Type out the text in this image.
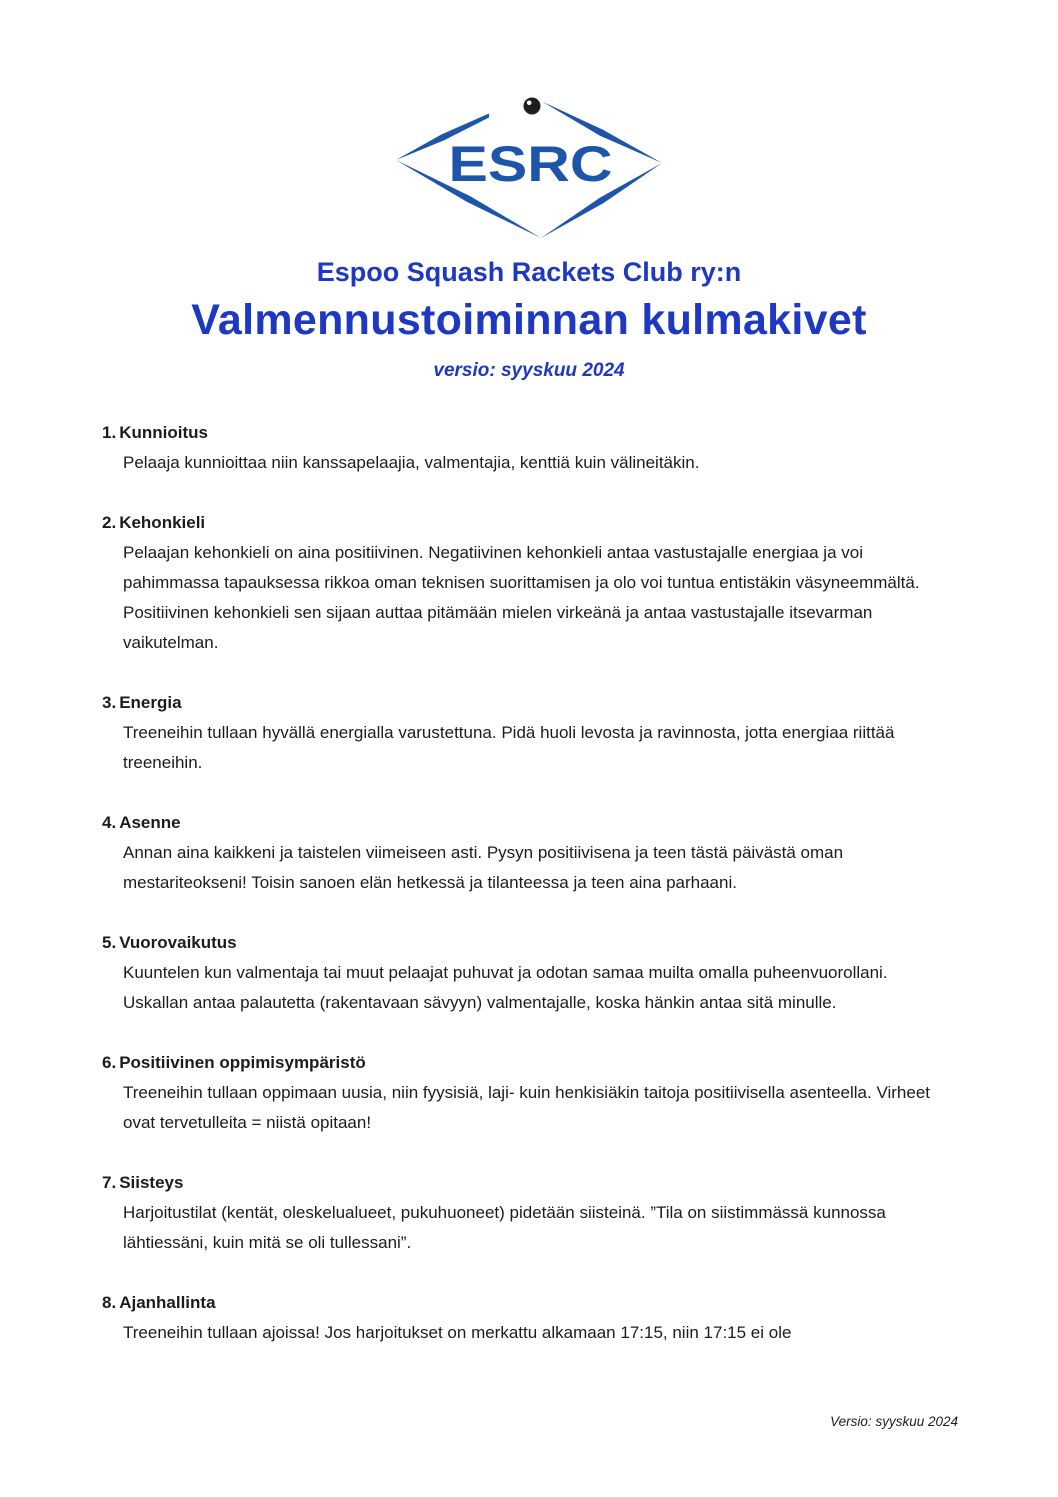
ESRC
Espoo Squash Rackets Club ry:n
Valmennustoiminnan kulmakivet
versio: syyskuu 2024
1.Kunnioitus

Pelaaja kunnioittaa niin kanssapelaajia, valmentajia, kenttiä kuin välineitäkin.

2.Kehonkieli

Pelaajan kehonkieli on aina positiivinen. Negatiivinen kehonkieli antaa vastustajalle energiaa ja voi pahimmassa tapauksessa rikkoa oman teknisen suorittamisen ja olo voi tuntua entistäkin väsyneemmältä. Positiivinen kehonkieli sen sijaan auttaa pitämään mielen virkeänä ja antaa vastustajalle itsevarman vaikutelman.

3.Energia

Treeneihin tullaan hyvällä energialla varustettuna. Pidä huoli levosta ja ravinnosta, jotta energiaa riittää treeneihin.

4.Asenne

Annan aina kaikkeni ja taistelen viimeiseen asti. Pysyn positiivisena ja teen tästä päivästä oman mestariteokseni! Toisin sanoen elän hetkessä ja tilanteessa ja teen aina parhaani.

5.Vuorovaikutus

Kuuntelen kun valmentaja tai muut pelaajat puhuvat ja odotan samaa muilta omalla puheenvuorollani. Uskallan antaa palautetta (rakentavaan sävyyn) valmentajalle, koska hänkin antaa sitä minulle.

6.Positiivinen oppimisympäristö

Treeneihin tullaan oppimaan uusia, niin fyysisiä, laji- kuin henkisiäkin taitoja positiivisella asenteella. Virheet ovat tervetulleita = niistä opitaan!

7.Siisteys

Harjoitustilat (kentät, oleskelualueet, pukuhuoneet) pidetään siisteinä. ”Tila on siistimmässä kunnossa lähtiessäni, kuin mitä se oli tullessani”.

8.Ajanhallinta

Treeneihin tullaan ajoissa! Jos harjoitukset on merkattu alkamaan 17:15, niin 17:15 ei ole

Versio: syyskuu 2024
